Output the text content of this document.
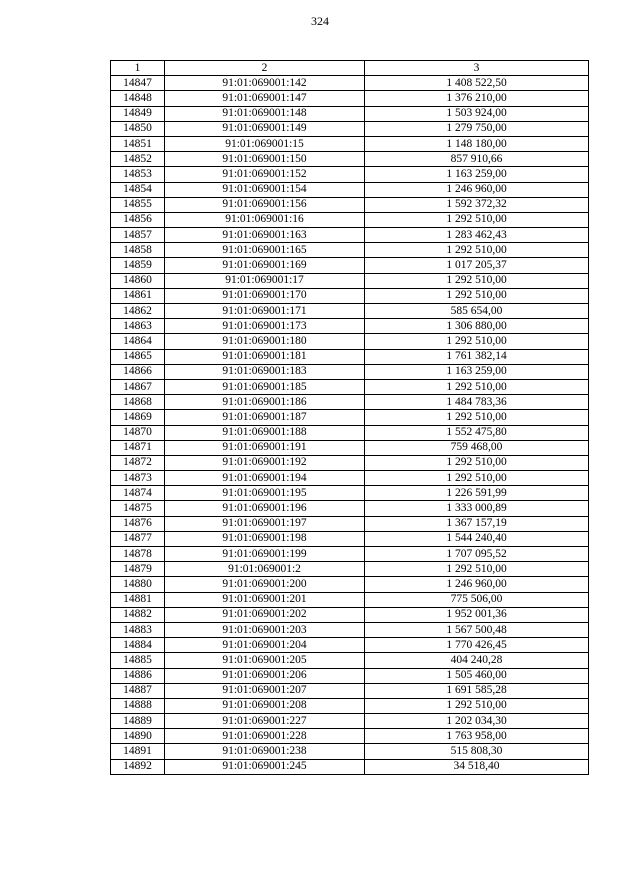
324
1	2	3
14847	91:01:069001:142	1 408 522,50
14848	91:01:069001:147	1 376 210,00
14849	91:01:069001:148	1 503 924,00
14850	91:01:069001:149	1 279 750,00
14851	91:01:069001:15	1 148 180,00
14852	91:01:069001:150	857 910,66
14853	91:01:069001:152	1 163 259,00
14854	91:01:069001:154	1 246 960,00
14855	91:01:069001:156	1 592 372,32
14856	91:01:069001:16	1 292 510,00
14857	91:01:069001:163	1 283 462,43
14858	91:01:069001:165	1 292 510,00
14859	91:01:069001:169	1 017 205,37
14860	91:01:069001:17	1 292 510,00
14861	91:01:069001:170	1 292 510,00
14862	91:01:069001:171	585 654,00
14863	91:01:069001:173	1 306 880,00
14864	91:01:069001:180	1 292 510,00
14865	91:01:069001:181	1 761 382,14
14866	91:01:069001:183	1 163 259,00
14867	91:01:069001:185	1 292 510,00
14868	91:01:069001:186	1 484 783,36
14869	91:01:069001:187	1 292 510,00
14870	91:01:069001:188	1 552 475,80
14871	91:01:069001:191	759 468,00
14872	91:01:069001:192	1 292 510,00
14873	91:01:069001:194	1 292 510,00
14874	91:01:069001:195	1 226 591,99
14875	91:01:069001:196	1 333 000,89
14876	91:01:069001:197	1 367 157,19
14877	91:01:069001:198	1 544 240,40
14878	91:01:069001:199	1 707 095,52
14879	91:01:069001:2	1 292 510,00
14880	91:01:069001:200	1 246 960,00
14881	91:01:069001:201	775 506,00
14882	91:01:069001:202	1 952 001,36
14883	91:01:069001:203	1 567 500,48
14884	91:01:069001:204	1 770 426,45
14885	91:01:069001:205	404 240,28
14886	91:01:069001:206	1 505 460,00
14887	91:01:069001:207	1 691 585,28
14888	91:01:069001:208	1 292 510,00
14889	91:01:069001:227	1 202 034,30
14890	91:01:069001:228	1 763 958,00
14891	91:01:069001:238	515 808,30
14892	91:01:069001:245	34 518,40
